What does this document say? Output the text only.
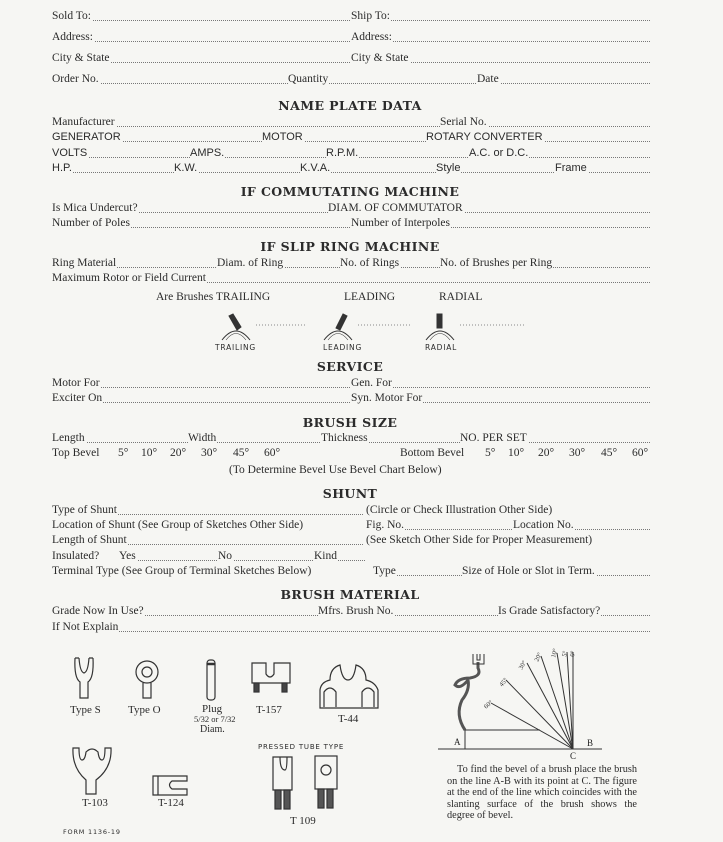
Sold To:	Ship To:
Address:	Address:
City & State	City & State
Order No.	Quantity	Date
NAME PLATE DATA
Manufacturer	Serial No.
GENERATOR	MOTOR	ROTARY CONVERTER
VOLTS	AMPS.	R.P.M.	A.C. or D.C.
H.P.	K.W.	K.V.A.	Style	Frame
IF COMMUTATING MACHINE
Is Mica Undercut?	DIAM. OF COMMUTATOR
Number of Poles	Number of Interpoles
IF SLIP RING MACHINE
Ring Material	Diam. of Ring	No. of Rings	No. of Brushes per Ring
Maximum Rotor or Field Current
Are Brushes TRAILING	LEADING	RADIAL
TRAILING	LEADING	RADIAL
SERVICE
Motor For	Gen. For
Exciter On	Syn. Motor For
BRUSH SIZE
Length	Width	Thickness	NO. PER SET
Top Bevel 5° 10° 20° 30° 45° 60°	Bottom Bevel 5° 10° 20° 30° 45° 60°
(To Determine Bevel Use Bevel Chart Below)
SHUNT
Type of Shunt	(Circle or Check Illustration Other Side)
Location of Shunt (See Group of Sketches Other Side)	Fig. No.	Location No.
Length of Shunt	(See Sketch Other Side for Proper Measurement)
Insulated? Yes	No	Kind
Terminal Type (See Group of Terminal Sketches Below)	Type	Size of Hole or Slot in Term.
BRUSH MATERIAL
Grade Now In Use?	Mfrs. Brush No.	Is Grade Satisfactory?
If Not Explain
Type S Type O	Plug
5/32 or 7/32
Diam.
T-157
T-44
T-103	T-124
PRESSED TUBE TYPE
T 109
FORM 1136-19
0°
5°
10°
20°
30°
45°
60°
A	B
C
To find the bevel of a brush place the brush on the line A-B with its point at C. The figure at the end of the line which coincides with the slanting surface of the brush shows the degree of bevel.
